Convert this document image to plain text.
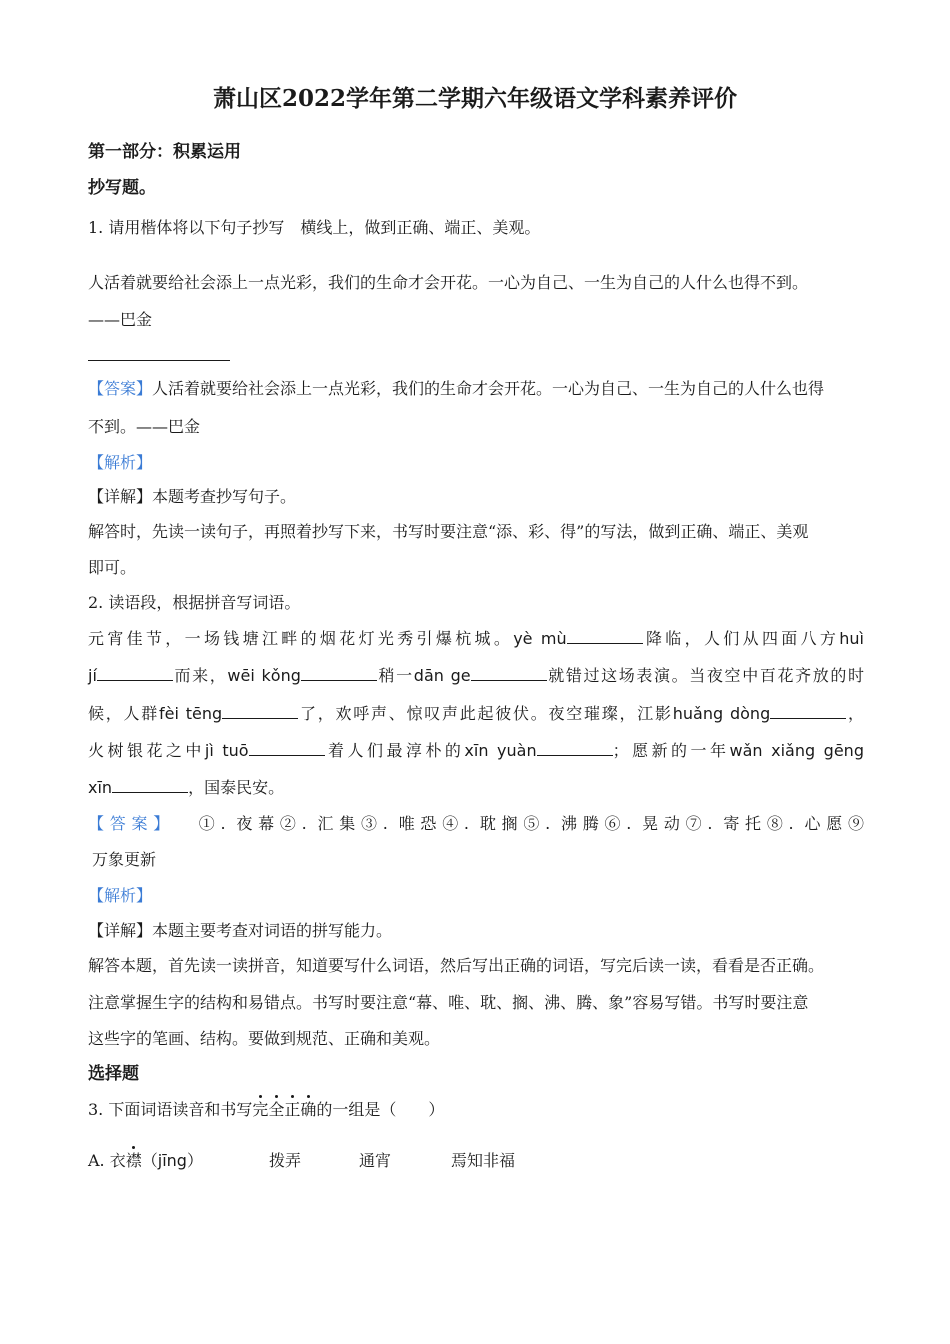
萧山区2022学年第二学期六年级语文学科素养评价
第一部分：积累运用
抄写题。
1. 请用楷体将以下句子抄写　横线上，做到正确、端正、美观。
人活着就要给社会添上一点光彩，我们的生命才会开花。一心为自己、一生为自己的人什么也得不到。
——巴金
【答案】人活着就要给社会添上一点光彩，我们的生命才会开花。一心为自己、一生为自己的人什么也得
不到。——巴金
【解析】
【详解】本题考查抄写句子。
解答时，先读一读句子，再照着抄写下来，书写时要注意“添、彩、得”的写法，做到正确、端正、美观
即可。
2. 读语段，根据拼音写词语。
元宵佳节，一场钱塘江畔的烟花灯光秀引爆杭城。yè mù	降临，人们从四面八方huì
jí	而来，wēi kǒng	稍一dān ge	就错过这场表演。当夜空中百花齐放的时
候，人群fèi tēng	了，欢呼声、惊叹声此起彼伏。夜空璀璨，江影huǎng dòng	，
火树银花之中jì tuō	着人们最淳朴的xīn yuàn	；愿新的一年wǎn xiǎng gēng
xīn	，国泰民安。
【答案】 ①. 夜幕②. 汇集③. 唯恐④. 耽搁⑤. 沸腾⑥. 晃动⑦. 寄托⑧. 心愿⑨
万象更新
【解析】
【详解】本题主要考查对词语的拼写能力。
解答本题，首先读一读拼音，知道要写什么词语，然后写出正确的词语，写完后读一读，看看是否正确。
注意掌握生字的结构和易错点。书写时要注意“幕、唯、耽、搁、沸、腾、象”容易写错。书写时要注意
这些字的笔画、结构。要做到规范、正确和美观。
选择题
3. 下面词语读音和书写完全正确的一组是（　　）
A. 衣襟（jīng）	拨弄	通宵	焉知非福
